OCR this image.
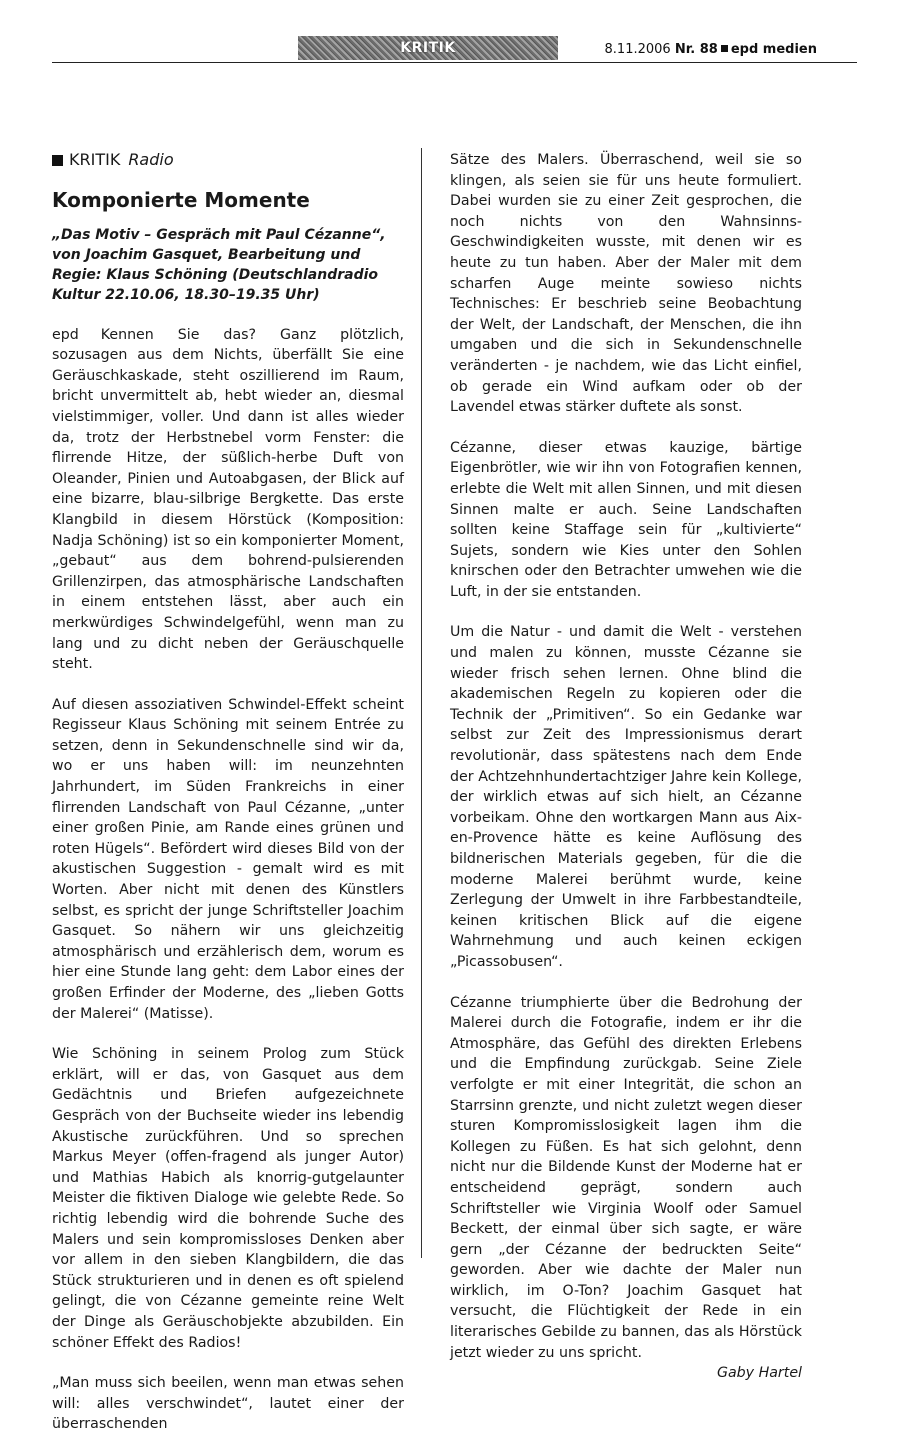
KRITIK	8.11.2006 Nr. 88 epd medien
KRITIK Radio
Komponierte Momente
„Das Motiv – Gespräch mit Paul Cézanne“, von Joachim Gasquet, Bearbeitung und Regie: Klaus Schöning (Deutschlandradio Kultur 22.10.06, 18.30–19.35 Uhr)

epd Kennen Sie das? Ganz plötzlich, sozusagen aus dem Nichts, überfällt Sie eine Geräuschkaskade, steht oszillierend im Raum, bricht unvermittelt ab, hebt wieder an, diesmal vielstimmiger, voller. Und dann ist alles wieder da, trotz der Herbstnebel vorm Fenster: die flirrende Hitze, der süßlich-herbe Duft von Oleander, Pinien und Autoabgasen, der Blick auf eine bizarre, blau-silbrige Bergkette. Das erste Klangbild in diesem Hörstück (Komposition: Nadja Schöning) ist so ein komponierter Moment, „gebaut“ aus dem bohrend-pulsierenden Grillenzirpen, das atmosphärische Landschaften in einem entstehen lässt, aber auch ein merkwürdiges Schwindelgefühl, wenn man zu lang und zu dicht neben der Geräuschquelle steht.

Auf diesen assoziativen Schwindel-Effekt scheint Regisseur Klaus Schöning mit seinem Entrée zu setzen, denn in Sekundenschnelle sind wir da, wo er uns haben will: im neunzehnten Jahrhundert, im Süden Frankreichs in einer flirrenden Landschaft von Paul Cézanne, „unter einer großen Pinie, am Rande eines grünen und roten Hügels“. Befördert wird dieses Bild von der akustischen Suggestion - gemalt wird es mit Worten. Aber nicht mit denen des Künstlers selbst, es spricht der junge Schriftsteller Joachim Gasquet. So nähern wir uns gleichzeitig atmosphärisch und erzählerisch dem, worum es hier eine Stunde lang geht: dem Labor eines der großen Erfinder der Moderne, des „lieben Gotts der Malerei“ (Matisse).

Wie Schöning in seinem Prolog zum Stück erklärt, will er das, von Gasquet aus dem Gedächtnis und Briefen aufgezeichnete Gespräch von der Buchseite wieder ins lebendig Akustische zurückführen. Und so sprechen Markus Meyer (offen-fragend als junger Autor) und Mathias Habich als knorrig-gutgelaunter Meister die fiktiven Dialoge wie gelebte Rede. So richtig lebendig wird die bohrende Suche des Malers und sein kompromissloses Denken aber vor allem in den sieben Klangbildern, die das Stück strukturieren und in denen es oft spielend gelingt, die von Cézanne gemeinte reine Welt der Dinge als Geräuschobjekte abzubilden. Ein schöner Effekt des Radios!

„Man muss sich beeilen, wenn man etwas sehen will: alles verschwindet“, lautet einer der überraschenden

Sätze des Malers. Überraschend, weil sie so klingen, als seien sie für uns heute formuliert. Dabei wurden sie zu einer Zeit gesprochen, die noch nichts von den Wahnsinns-Geschwindigkeiten wusste, mit denen wir es heute zu tun haben. Aber der Maler mit dem scharfen Auge meinte sowieso nichts Technisches: Er beschrieb seine Beobachtung der Welt, der Landschaft, der Menschen, die ihn umgaben und die sich in Sekundenschnelle veränderten - je nachdem, wie das Licht einfiel, ob gerade ein Wind aufkam oder ob der Lavendel etwas stärker duftete als sonst.

Cézanne, dieser etwas kauzige, bärtige Eigenbrötler, wie wir ihn von Fotografien kennen, erlebte die Welt mit allen Sinnen, und mit diesen Sinnen malte er auch. Seine Landschaften sollten keine Staffage sein für „kultivierte“ Sujets, sondern wie Kies unter den Sohlen knirschen oder den Betrachter umwehen wie die Luft, in der sie entstanden.

Um die Natur - und damit die Welt - verstehen und malen zu können, musste Cézanne sie wieder frisch sehen lernen. Ohne blind die akademischen Regeln zu kopieren oder die Technik der „Primitiven“. So ein Gedanke war selbst zur Zeit des Impressionismus derart revolutionär, dass spätestens nach dem Ende der Achtzehnhundertachtziger Jahre kein Kollege, der wirklich etwas auf sich hielt, an Cézanne vorbeikam. Ohne den wortkargen Mann aus Aix-en-Provence hätte es keine Auflösung des bildnerischen Materials gegeben, für die die moderne Malerei berühmt wurde, keine Zerlegung der Umwelt in ihre Farbbestandteile, keinen kritischen Blick auf die eigene Wahrnehmung und auch keinen eckigen „Picassobusen“.

Cézanne triumphierte über die Bedrohung der Malerei durch die Fotografie, indem er ihr die Atmosphäre, das Gefühl des direkten Erlebens und die Empfindung zurückgab. Seine Ziele verfolgte er mit einer Integrität, die schon an Starrsinn grenzte, und nicht zuletzt wegen dieser sturen Kompromisslosigkeit lagen ihm die Kollegen zu Füßen. Es hat sich gelohnt, denn nicht nur die Bildende Kunst der Moderne hat er entscheidend geprägt, sondern auch Schriftsteller wie Virginia Woolf oder Samuel Beckett, der einmal über sich sagte, er wäre gern „der Cézanne der bedruckten Seite“ geworden. Aber wie dachte der Maler nun wirklich, im O-Ton? Joachim Gasquet hat versucht, die Flüchtigkeit der Rede in ein literarisches Gebilde zu bannen, das als Hörstück jetzt wieder zu uns spricht.

Gaby Hartel
